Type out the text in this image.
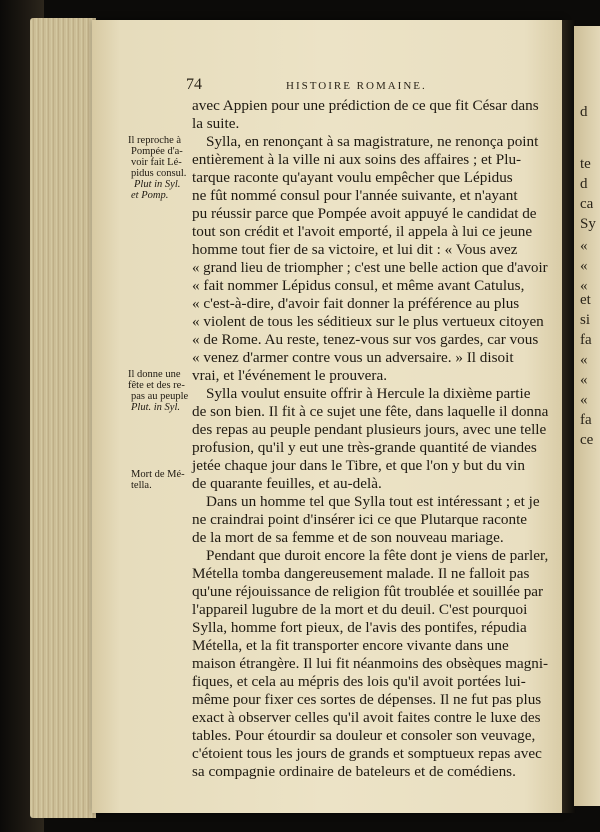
d
te
d
ca
Sy
«
«
«
et
si
fa
«
«
«
fa
ce
74	HISTOIRE ROMAINE.
Il reproche à
Pompée d'a-
voir fait Lé-
pidus consul.
Plut in Syl.
et Pomp.
Il donne une
fête et des re-
pas au peuple
Plut. in Syl.
Mort de Mé-
tella.
avec Appien pour une prédiction de ce que fit César dans
la suite.
Sylla, en renonçant à sa magistrature, ne renonça point
entièrement à la ville ni aux soins des affaires ; et Plu-
tarque raconte qu'ayant voulu empêcher que Lépidus
ne fût nommé consul pour l'année suivante, et n'ayant
pu réussir parce que Pompée avoit appuyé le candidat de
tout son crédit et l'avoit emporté, il appela à lui ce jeune
homme tout fier de sa victoire, et lui dit : « Vous avez
« grand lieu de triompher ; c'est une belle action que d'avoir
« fait nommer Lépidus consul, et même avant Catulus,
« c'est-à-dire, d'avoir fait donner la préférence au plus
« violent de tous les séditieux sur le plus vertueux citoyen
« de Rome. Au reste, tenez-vous sur vos gardes, car vous
« venez d'armer contre vous un adversaire. » Il disoit
vrai, et l'événement le prouvera.
Sylla voulut ensuite offrir à Hercule la dixième partie
de son bien. Il fit à ce sujet une fête, dans laquelle il donna
des repas au peuple pendant plusieurs jours, avec une telle
profusion, qu'il y eut une très-grande quantité de viandes
jetée chaque jour dans le Tibre, et que l'on y but du vin
de quarante feuilles, et au-delà.
Dans un homme tel que Sylla tout est intéressant ; et je
ne craindrai point d'insérer ici ce que Plutarque raconte
de la mort de sa femme et de son nouveau mariage.
Pendant que duroit encore la fête dont je viens de parler,
Métella tomba dangereusement malade. Il ne falloit pas
qu'une réjouissance de religion fût troublée et souillée par
l'appareil lugubre de la mort et du deuil. C'est pourquoi
Sylla, homme fort pieux, de l'avis des pontifes, répudia
Métella, et la fit transporter encore vivante dans une
maison étrangère. Il lui fit néanmoins des obsèques magni-
fiques, et cela au mépris des lois qu'il avoit portées lui-
même pour fixer ces sortes de dépenses. Il ne fut pas plus
exact à observer celles qu'il avoit faites contre le luxe des
tables. Pour étourdir sa douleur et consoler son veuvage,
c'étoient tous les jours de grands et somptueux repas avec
sa compagnie ordinaire de bateleurs et de comédiens.
